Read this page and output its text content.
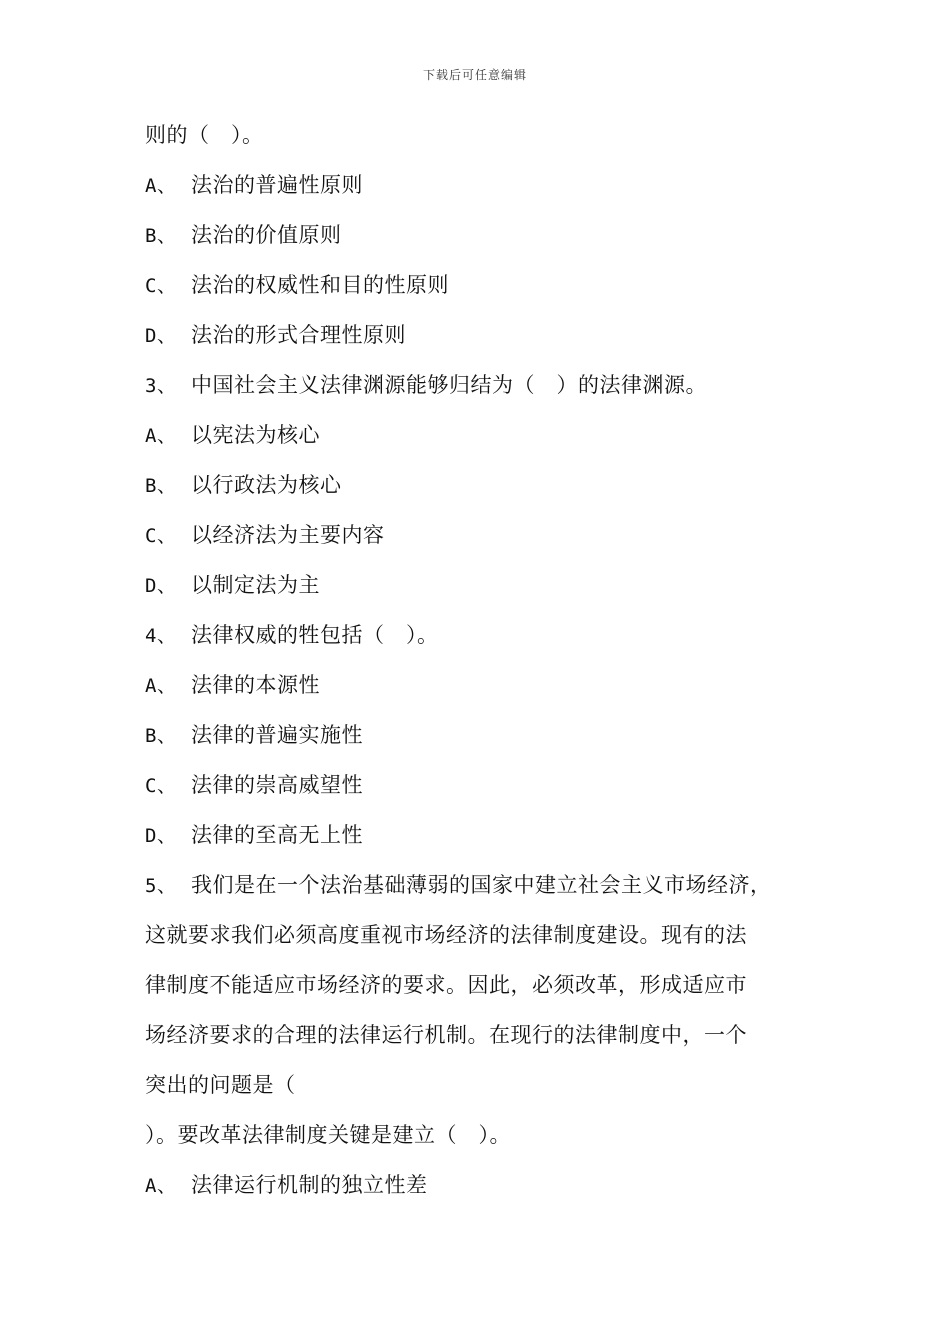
下载后可任意编辑
则的（　）。
A、 法治的普遍性原则
B、 法治的价值原则
C、 法治的权威性和目的性原则
D、 法治的形式合理性原则
3、 中国社会主义法律渊源能够归结为（　）的法律渊源。
A、 以宪法为核心
B、 以行政法为核心
C、 以经济法为主要内容
D、 以制定法为主
4、 法律权威的牲包括（　）。
A、 法律的本源性
B、 法律的普遍实施性
C、 法律的崇高威望性
D、 法律的至高无上性
5、 我们是在一个法治基础薄弱的国家中建立社会主义市场经济，
这就要求我们必须高度重视市场经济的法律制度建设。现有的法
律制度不能适应市场经济的要求。因此，必须改革，形成适应市
场经济要求的合理的法律运行机制。在现行的法律制度中，一个
突出的问题是（
）。要改革法律制度关键是建立（　）。
A、 法律运行机制的独立性差
